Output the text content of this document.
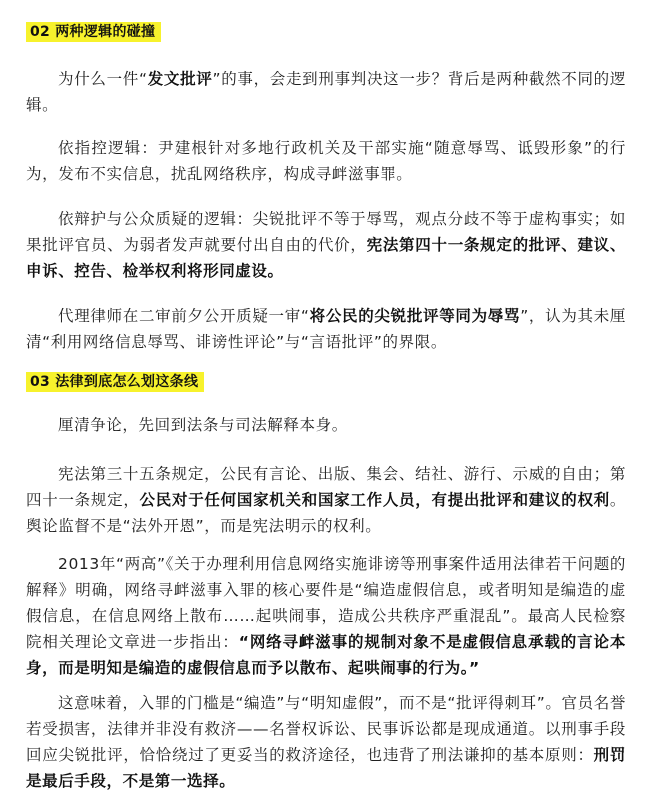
02 两种逻辑的碰撞
为什么一件“发文批评”的事，会走到刑事判决这一步？背后是两种截然不同的逻辑。
依指控逻辑：尹建根针对多地行政机关及干部实施“随意辱骂、诋毁形象”的行为，发布不实信息，扰乱网络秩序，构成寻衅滋事罪。
依辩护与公众质疑的逻辑：尖锐批评不等于辱骂，观点分歧不等于虚构事实；如果批评官员、为弱者发声就要付出自由的代价，宪法第四十一条规定的批评、建议、申诉、控告、检举权利将形同虚设。
代理律师在二审前夕公开质疑一审“将公民的尖锐批评等同为辱骂”，认为其未厘清“利用网络信息辱骂、诽谤性评论”与“言语批评”的界限。
03 法律到底怎么划这条线
厘清争论，先回到法条与司法解释本身。
宪法第三十五条规定，公民有言论、出版、集会、结社、游行、示威的自由；第四十一条规定，公民对于任何国家机关和国家工作人员，有提出批评和建议的权利。舆论监督不是“法外开恩”，而是宪法明示的权利。
2013年“两高”《关于办理利用信息网络实施诽谤等刑事案件适用法律若干问题的解释》明确，网络寻衅滋事入罪的核心要件是“编造虚假信息，或者明知是编造的虚假信息，在信息网络上散布……起哄闹事，造成公共秩序严重混乱”。最高人民检察院相关理论文章进一步指出：“网络寻衅滋事的规制对象不是虚假信息承载的言论本身，而是明知是编造的虚假信息而予以散布、起哄闹事的行为。”
这意味着，入罪的门槛是“编造”与“明知虚假”，而不是“批评得刺耳”。官员名誉若受损害，法律并非没有救济——名誉权诉讼、民事诉讼都是现成通道。以刑事手段回应尖锐批评，恰恰绕过了更妥当的救济途径，也违背了刑法谦抑的基本原则：刑罚是最后手段，不是第一选择。
